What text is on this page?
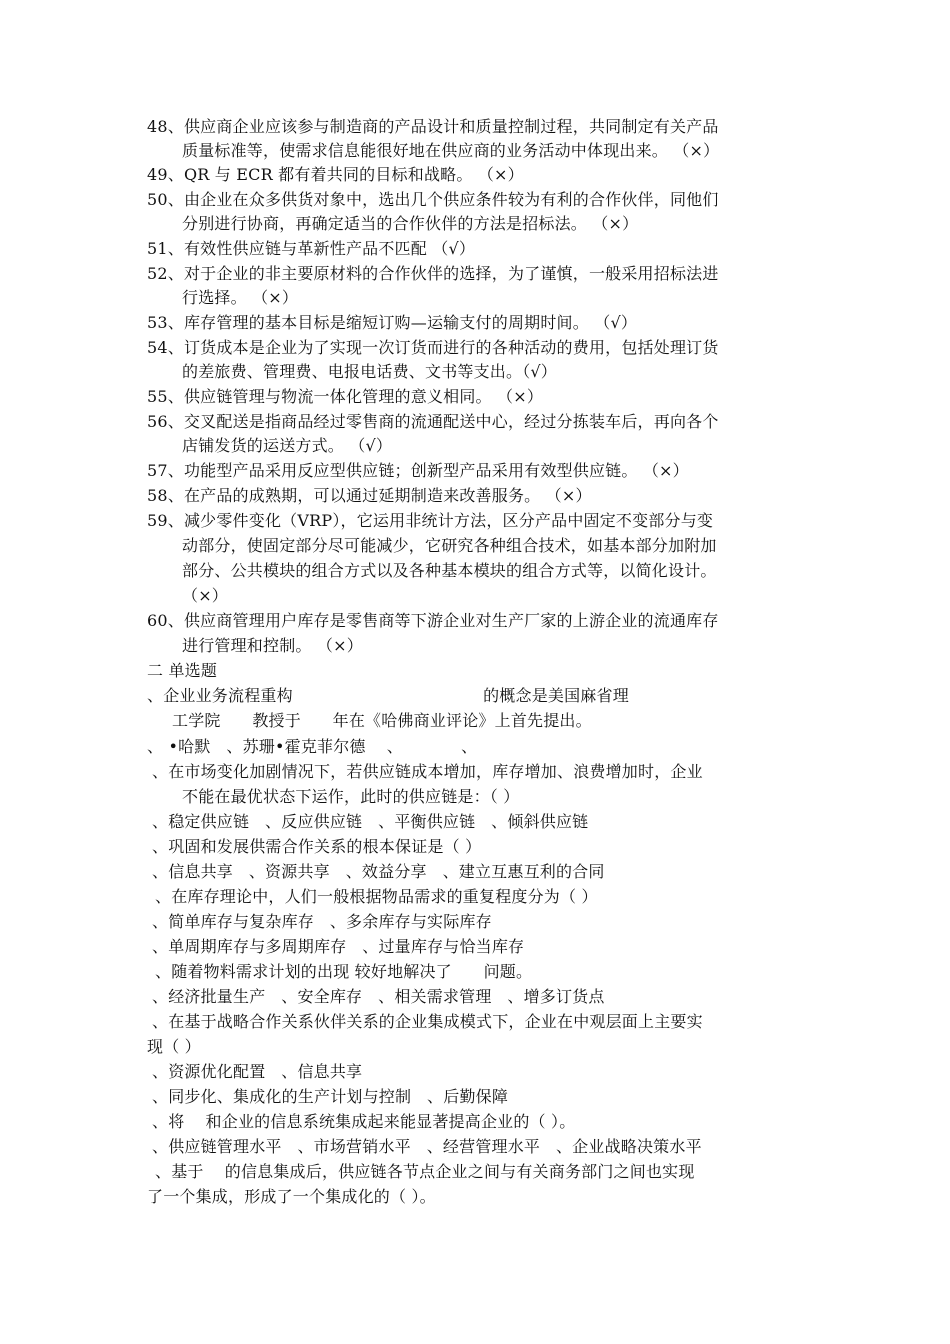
48、供应商企业应该参与制造商的产品设计和质量控制过程，共同制定有关产品
质量标准等，使需求信息能很好地在供应商的业务活动中体现出来。 （×）
49、QR 与 ECR 都有着共同的目标和战略。 （×）
50、由企业在众多供货对象中，选出几个供应条件较为有利的合作伙伴，同他们
分别进行协商，再确定适当的合作伙伴的方法是招标法。 （×）
51、有效性供应链与革新性产品不匹配 （√）
52、对于企业的非主要原材料的合作伙伴的选择，为了谨慎，一般采用招标法进
行选择。 （×）
53、库存管理的基本目标是缩短订购—运输支付的周期时间。 （√）
54、订货成本是企业为了实现一次订货而进行的各种活动的费用，包括处理订货
的差旅费、管理费、电报电话费、文书等支出。（√）
55、供应链管理与物流一体化管理的意义相同。 （×）
56、交叉配送是指商品经过零售商的流通配送中心，经过分拣装车后，再向各个
店铺发货的运送方式。 （√）
57、功能型产品采用反应型供应链；创新型产品采用有效型供应链。 （×）
58、在产品的成熟期，可以通过延期制造来改善服务。 （×）
59、减少零件变化（VRP），它运用非统计方法，区分产品中固定不变部分与变
动部分，使固定部分尽可能减少，它研究各种组合技术，如基本部分加附加
部分、公共模块的组合方式以及各种基本模块的组合方式等，以简化设计。
（×）
60、供应商管理用户库存是零售商等下游企业对生产厂家的上游企业的流通库存
进行管理和控制。 （×）
二 单选题
、企业业务流程重构                                    的概念是美国麻省理
工学院      教授于      年在《哈佛商业评论》上首先提出。
、 •哈默   、苏珊•霍克菲尔德    、           、
、在市场变化加剧情况下，若供应链成本增加，库存增加、浪费增加时，企业
不能在最优状态下运作，此时的供应链是：（ ）
、稳定供应链   、反应供应链   、平衡供应链   、倾斜供应链
、巩固和发展供需合作关系的根本保证是（ ）
、信息共享   、资源共享   、效益分享   、建立互惠互利的合同
、在库存理论中，人们一般根据物品需求的重复程度分为（ ）
、简单库存与复杂库存   、多余库存与实际库存
、单周期库存与多周期库存   、过量库存与恰当库存
、随着物料需求计划的出现 较好地解决了      问题。
、经济批量生产   、安全库存   、相关需求管理   、增多订货点
、在基于战略合作关系伙伴关系的企业集成模式下，企业在中观层面上主要实
现（ ）
、资源优化配置   、信息共享
、同步化、集成化的生产计划与控制   、后勤保障
、将    和企业的信息系统集成起来能显著提高企业的（ ）。
、供应链管理水平   、市场营销水平   、经营管理水平   、企业战略决策水平
、基于    的信息集成后，供应链各节点企业之间与有关商务部门之间也实现
了一个集成，形成了一个集成化的（ ）。
